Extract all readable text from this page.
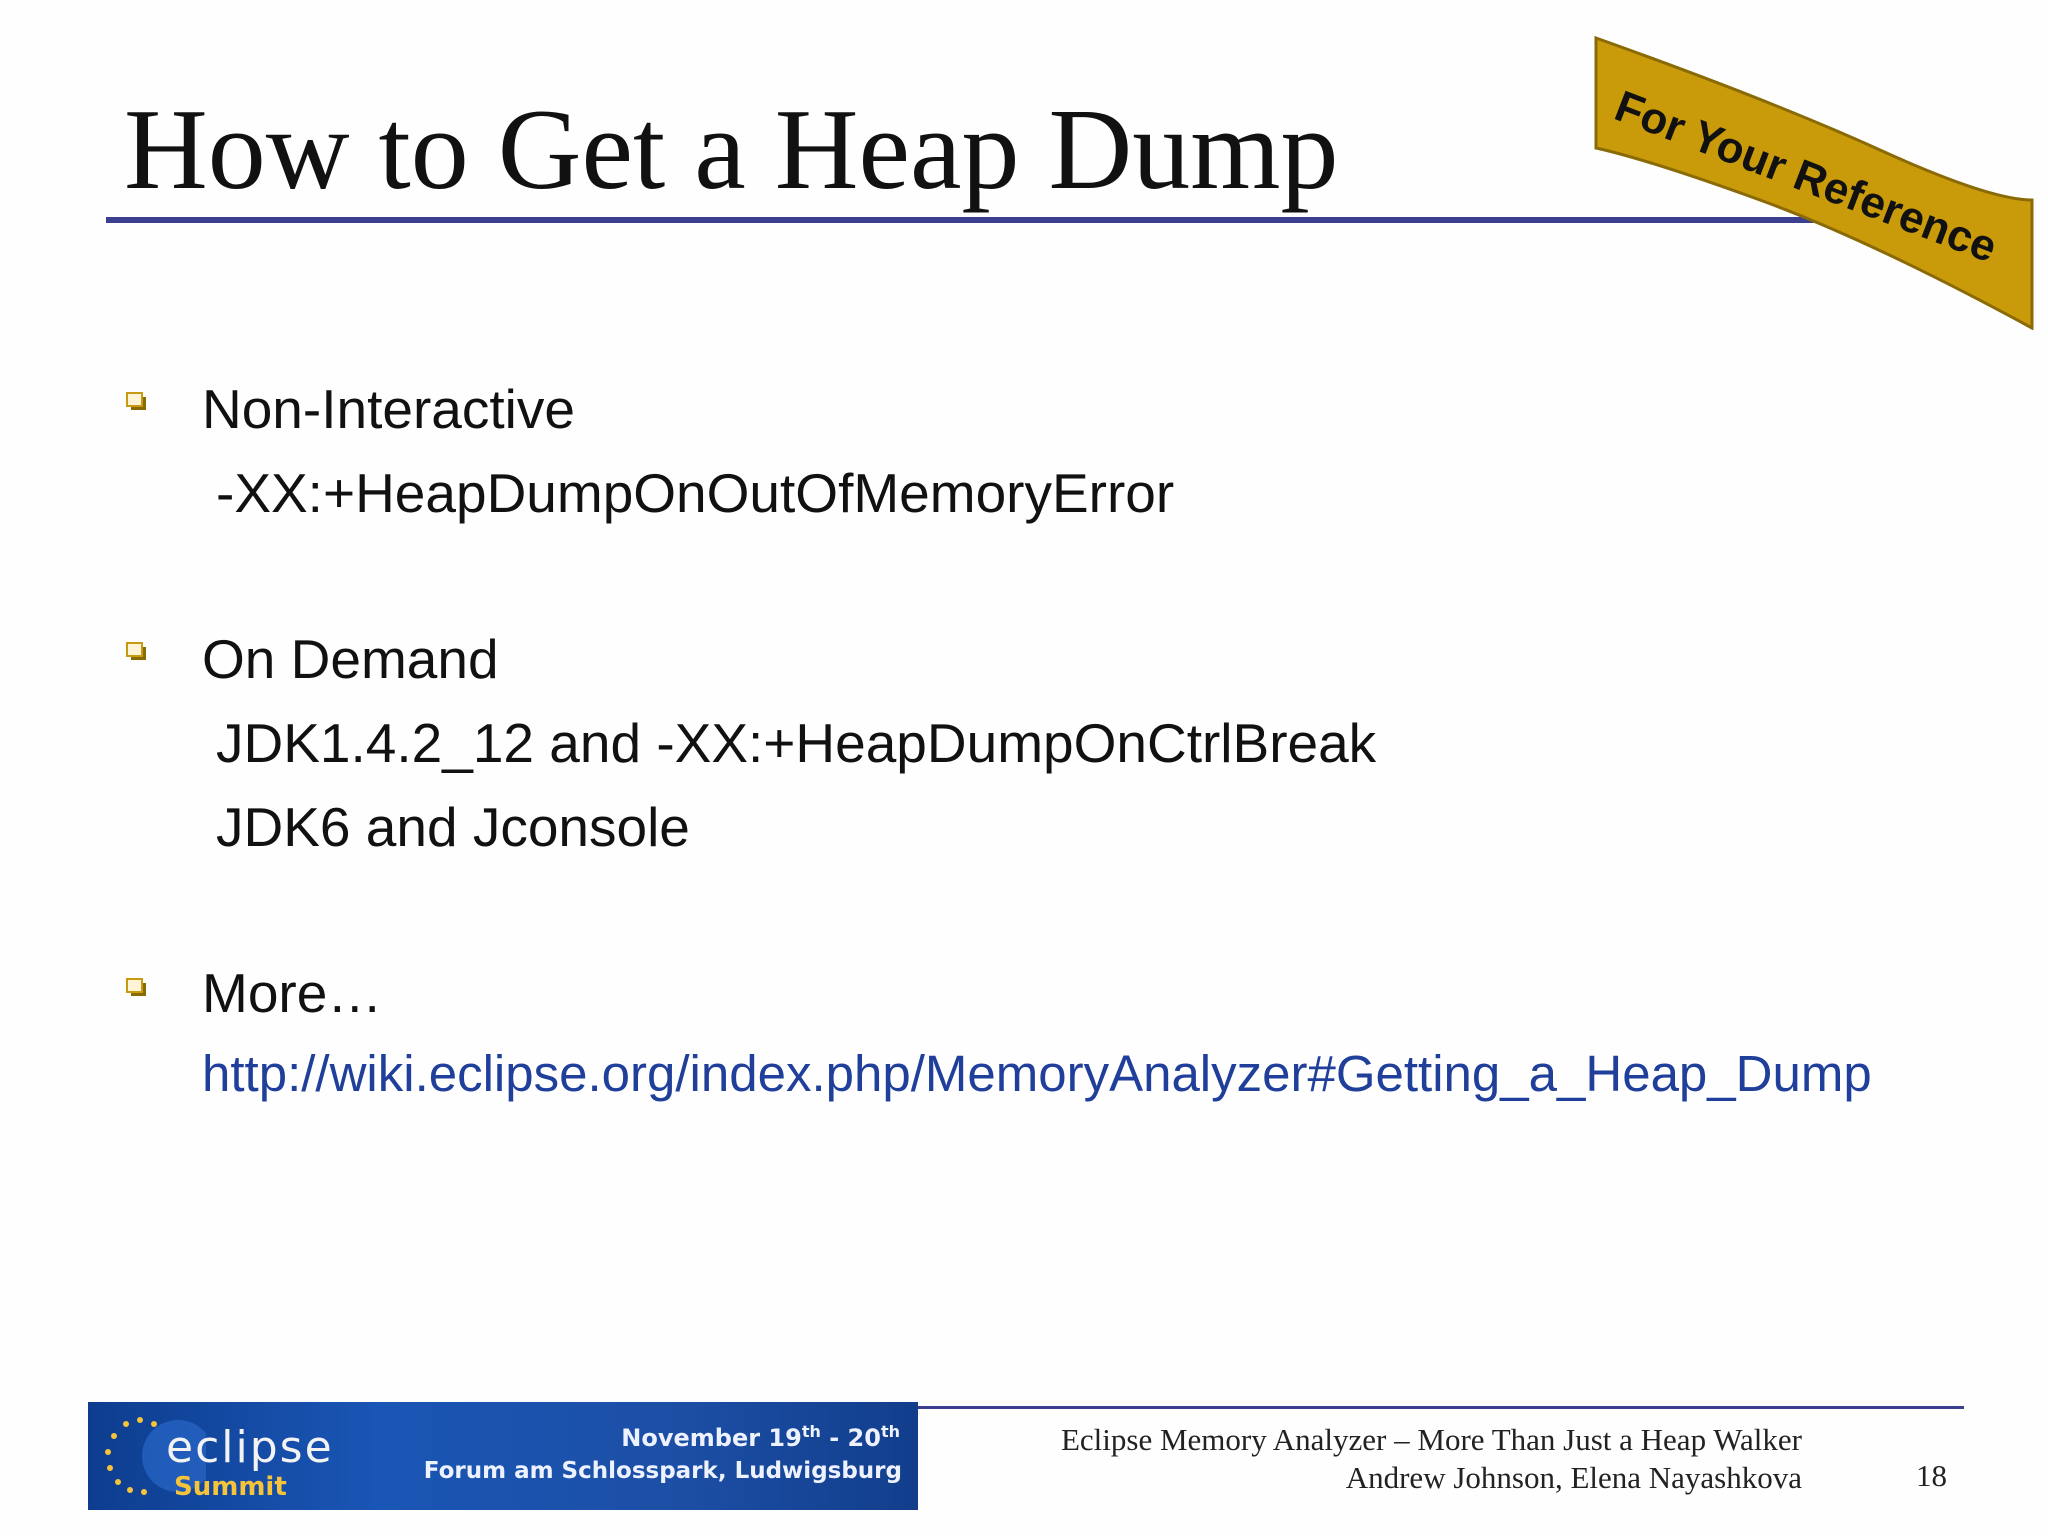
How to Get a Heap Dump	For Your Reference
Non-Interactive
-XX:+HeapDumpOnOutOfMemoryError
On Demand
JDK1.4.2_12 and -XX:+HeapDumpOnCtrlBreak
JDK6 and Jconsole
More…
http://wiki.eclipse.org/index.php/MemoryAnalyzer#Getting_a_Heap_Dump
eclipse
Summit
November 19th - 20th
Forum am Schlosspark, Ludwigsburg
Eclipse Memory Analyzer – More Than Just a Heap Walker
Andrew Johnson, Elena Nayashkova	18
